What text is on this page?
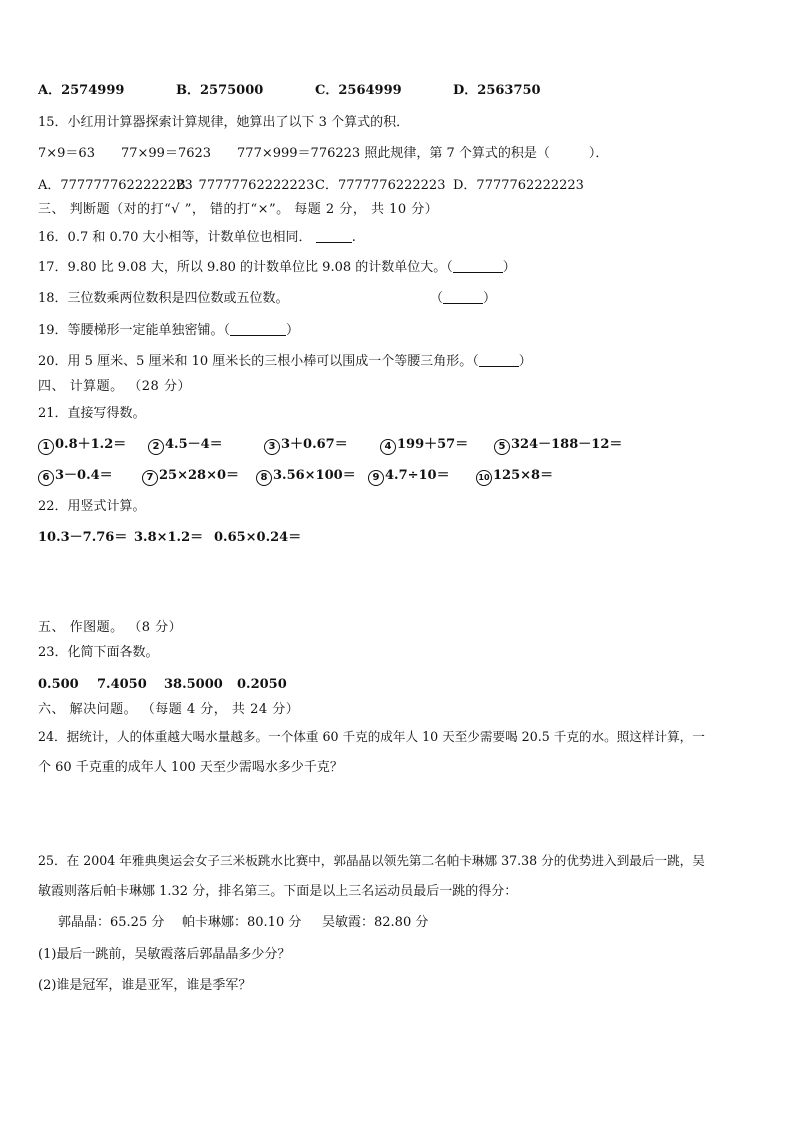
A．2574999	B．2575000	C．2564999	D．2563750
15．小红用计算器探索计算规律，她算出了以下 3 个算式的积．
7×9＝63　　77×99＝7623　　777×999＝776223 照此规律，第 7 个算式的积是（　　　）．
A．7777777622222223B．77777762222223C．7777776222223 D．7777762222223
三、 判断题（对的打“√ ”， 错的打“×”。 每题 2 分， 共 10 分）
16．0.7 和 0.70 大小相等，计数单位也相同．	.
17．9.80 比 9.08 大，所以 9.80 的计数单位比 9.08 的计数单位大。（	）
18．三位数乘两位数积是四位数或五位数。	（	）
19．等腰梯形一定能单独密铺。（	）
20．用 5 厘米、5 厘米和 10 厘米长的三根小棒可以围成一个等腰三角形。（	）
四、 计算题。 （28 分）
21．直接写得数。
1 0.8＋1.2＝	2 4.5－4＝	3 3＋0.67＝	4 199＋57＝	5 324－188－12＝
6 3－0.4＝	7 25×28×0＝ 8 3.56×100＝ 9 4.7÷10＝	10 125×8＝
22．用竖式计算。
10.3－7.76＝ 3.8×1.2＝ 0.65×0.24＝
五、 作图题。 （8 分）
23．化简下面各数。
0.500 7.4050 38.5000 0.2050
六、 解决问题。 （每题 4 分， 共 24 分）
24．据统计，人的体重越大喝水量越多。一个体重 60 千克的成年人 10 天至少需要喝 20.5 千克的水。照这样计算，一
个 60 千克重的成年人 100 天至少需喝水多少千克？
25．在 2004 年雅典奥运会女子三米板跳水比赛中，郭晶晶以领先第二名帕卡琳娜 37.38 分的优势进入到最后一跳，吴
敏霞则落后帕卡琳娜 1.32 分，排名第三。下面是以上三名运动员最后一跳的得分：
郭晶晶：65.25 分 帕卡琳娜：80.10 分 吴敏霞：82.80 分
(1)最后一跳前，吴敏霞落后郭晶晶多少分？
(2)谁是冠军，谁是亚军，谁是季军？
